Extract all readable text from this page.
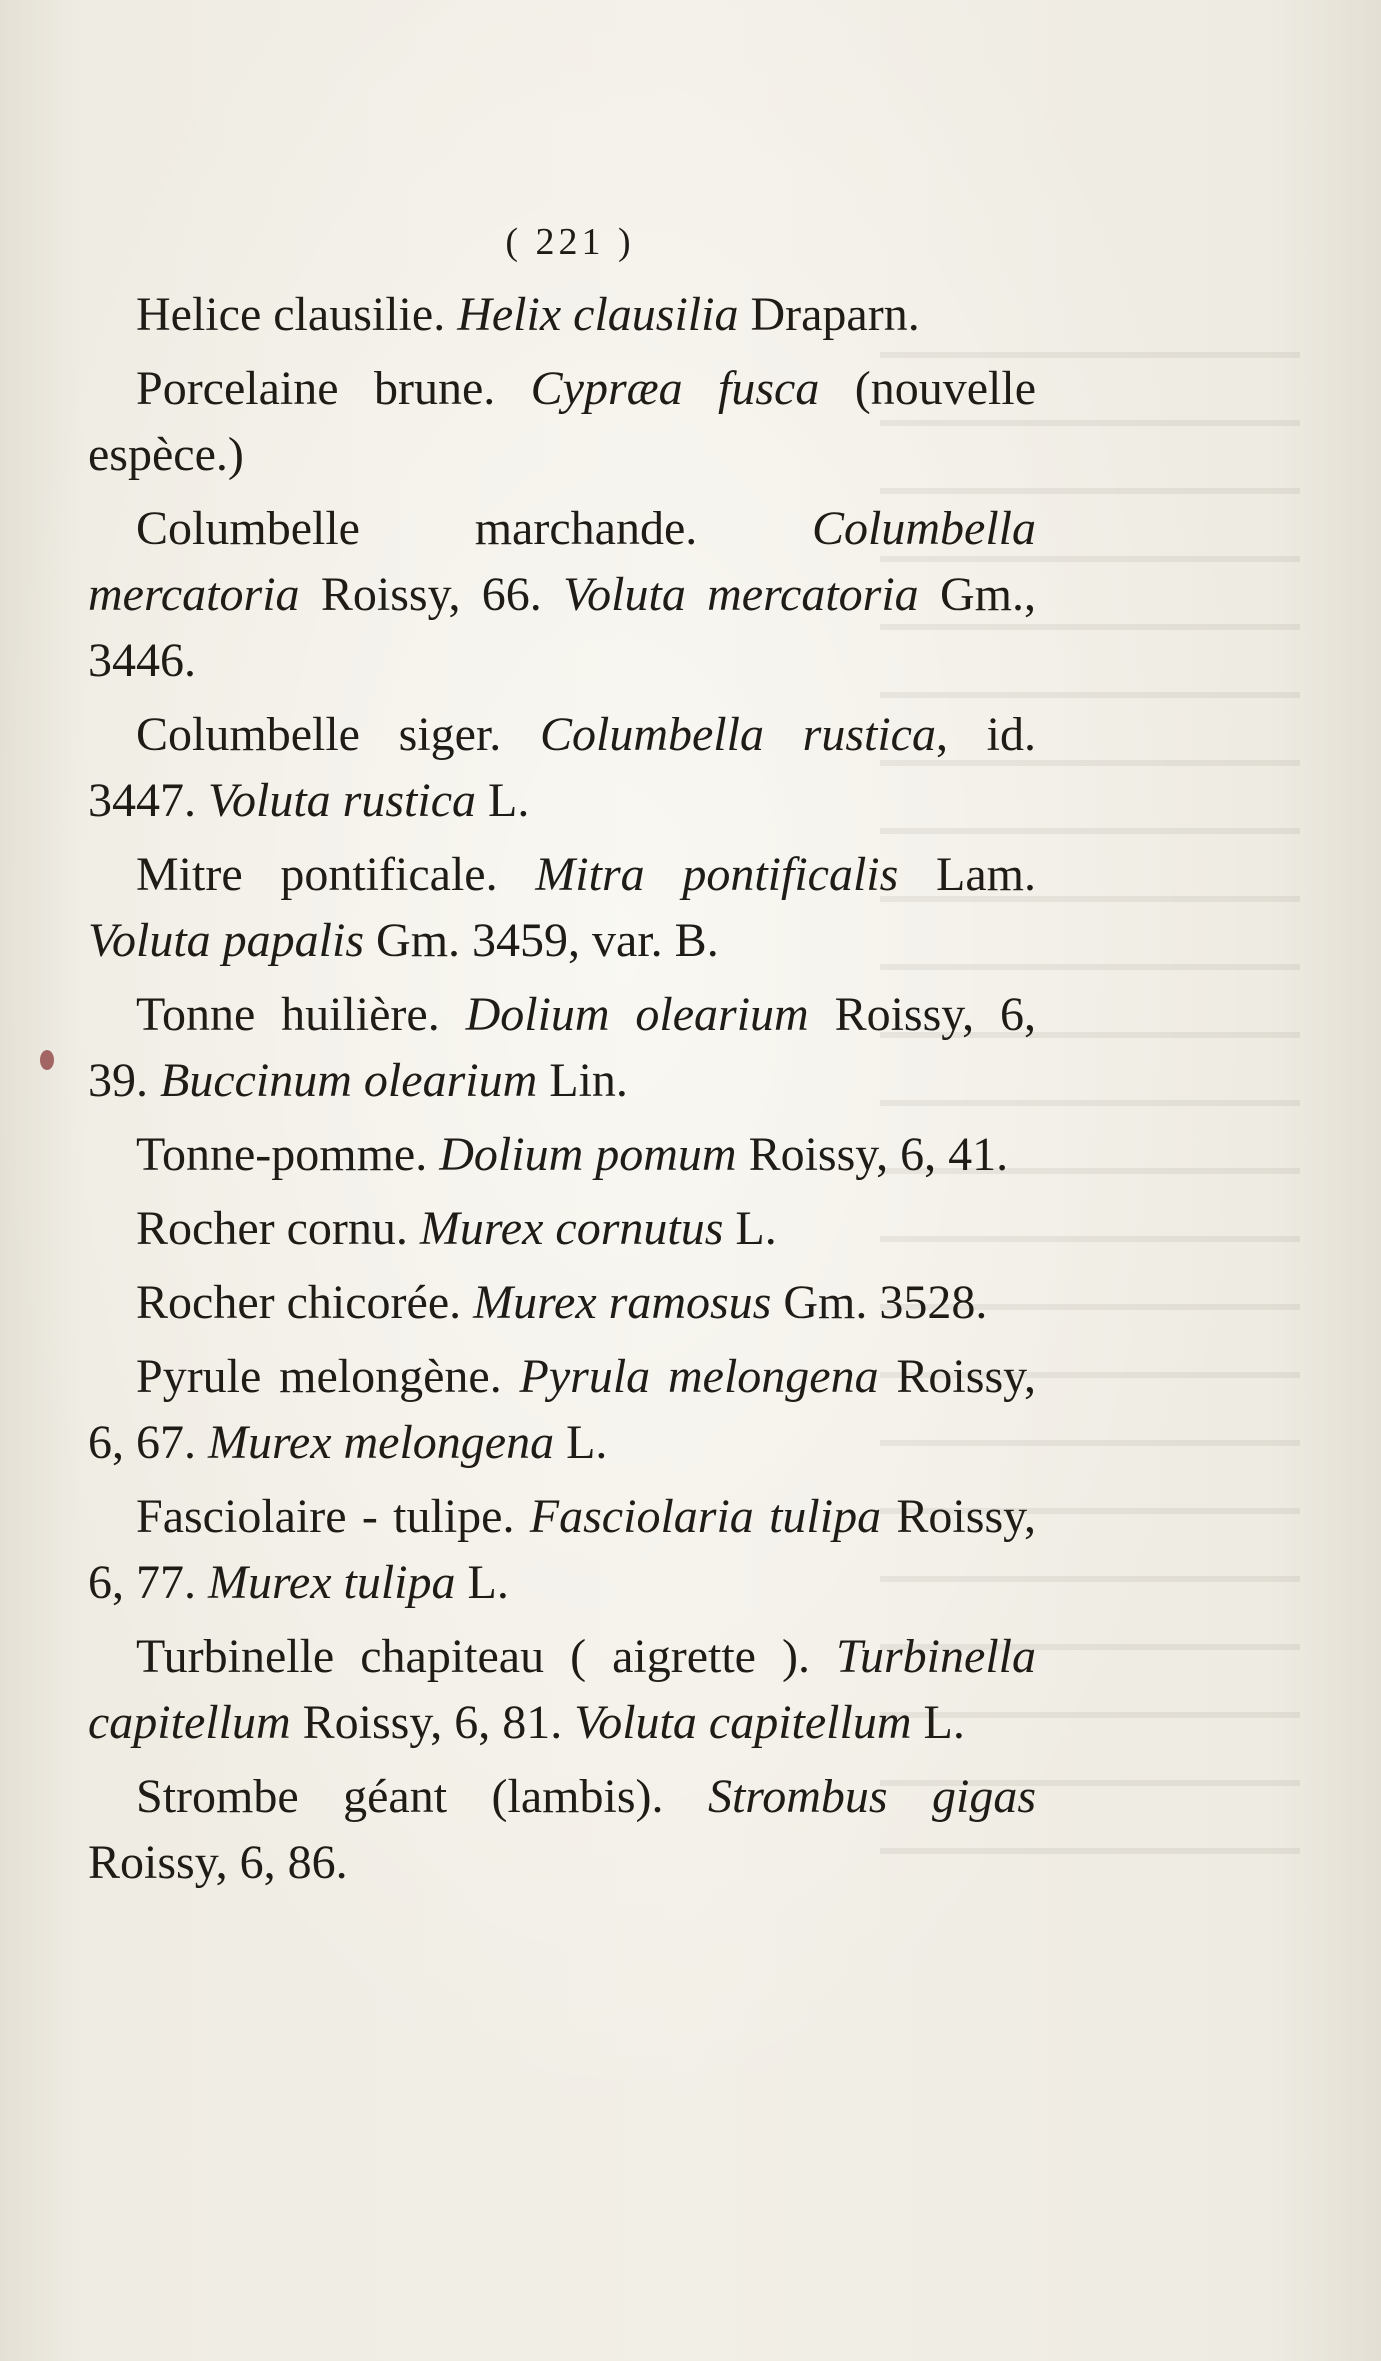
( 221 )

Helice clausilie. Helix clausilia Draparn.

Porcelaine brune. Cypræa fusca (nouvelle espèce.)

Columbelle marchande. Columbella mercatoria Roissy, 66. Voluta mercatoria Gm., 3446.

Columbelle siger. Columbella rustica, id. 3447. Voluta rustica L.

Mitre pontificale. Mitra pontificalis Lam. Voluta papalis Gm. 3459, var. B.

Tonne huilière. Dolium olearium Roissy, 6, 39. Buccinum olearium Lin.

Tonne-pomme. Dolium pomum Roissy, 6, 41.

Rocher cornu. Murex cornutus L.

Rocher chicorée. Murex ramosus Gm. 3528.

Pyrule melongène. Pyrula melongena Roissy, 6, 67. Murex melongena L.

Fasciolaire - tulipe. Fasciolaria tulipa Roissy, 6, 77. Murex tulipa L.

Turbinelle chapiteau ( aigrette ). Turbinella capitellum Roissy, 6, 81. Voluta capitellum L.

Strombe géant (lambis). Strombus gigas Roissy, 6, 86.
